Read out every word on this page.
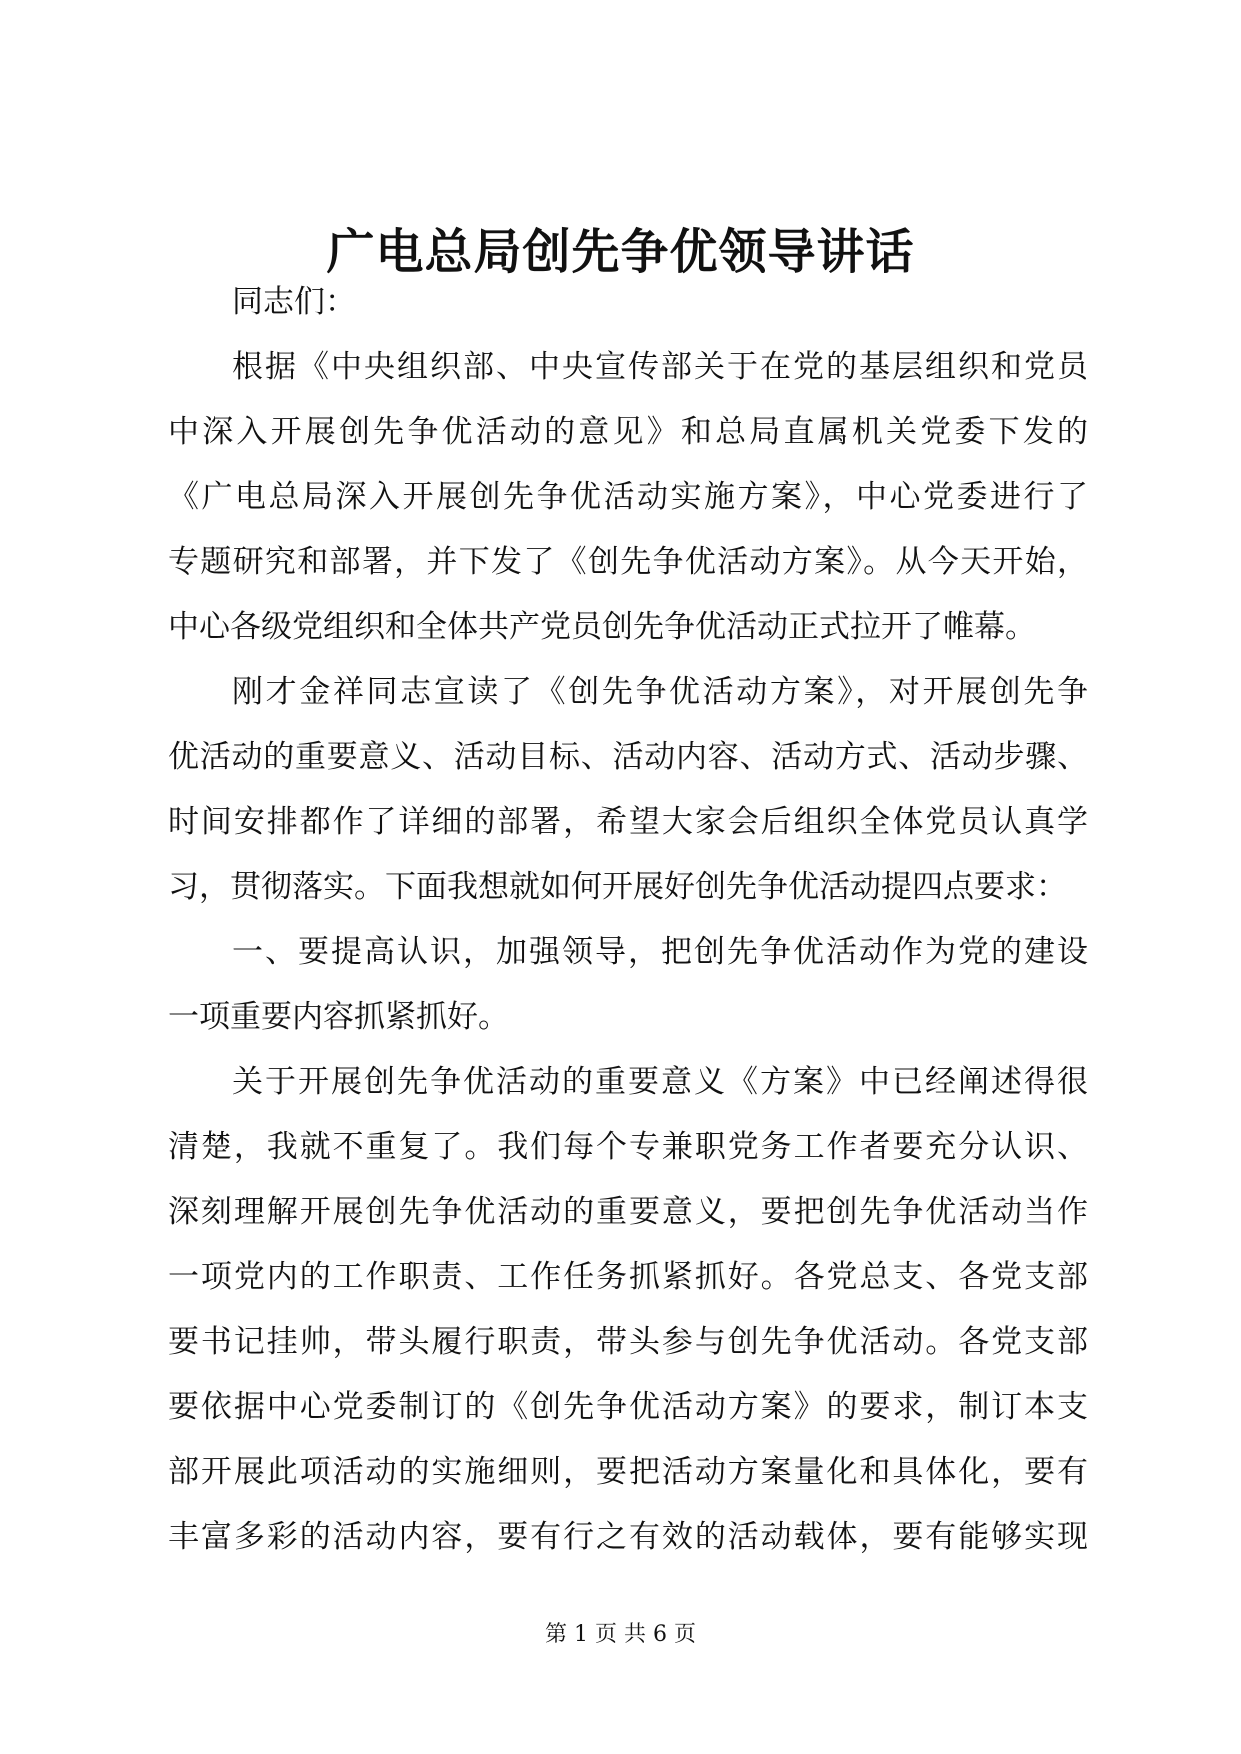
广电总局创先争优领导讲话
同志们：
根据《中央组织部、中央宣传部关于在党的基层组织和党员
中深入开展创先争优活动的意见》和总局直属机关党委下发的
《广电总局深入开展创先争优活动实施方案》，中心党委进行了
专题研究和部署，并下发了《创先争优活动方案》。从今天开始，
中心各级党组织和全体共产党员创先争优活动正式拉开了帷幕。
刚才金祥同志宣读了《创先争优活动方案》，对开展创先争
优活动的重要意义、活动目标、活动内容、活动方式、活动步骤、
时间安排都作了详细的部署，希望大家会后组织全体党员认真学
习，贯彻落实。下面我想就如何开展好创先争优活动提四点要求：
一、要提高认识，加强领导，把创先争优活动作为党的建设
一项重要内容抓紧抓好。
关于开展创先争优活动的重要意义《方案》中已经阐述得很
清楚，我就不重复了。我们每个专兼职党务工作者要充分认识、
深刻理解开展创先争优活动的重要意义，要把创先争优活动当作
一项党内的工作职责、工作任务抓紧抓好。各党总支、各党支部
要书记挂帅，带头履行职责，带头参与创先争优活动。各党支部
要依据中心党委制订的《创先争优活动方案》的要求，制订本支
部开展此项活动的实施细则，要把活动方案量化和具体化，要有
丰富多彩的活动内容，要有行之有效的活动载体，要有能够实现
第 1 页 共 6 页
